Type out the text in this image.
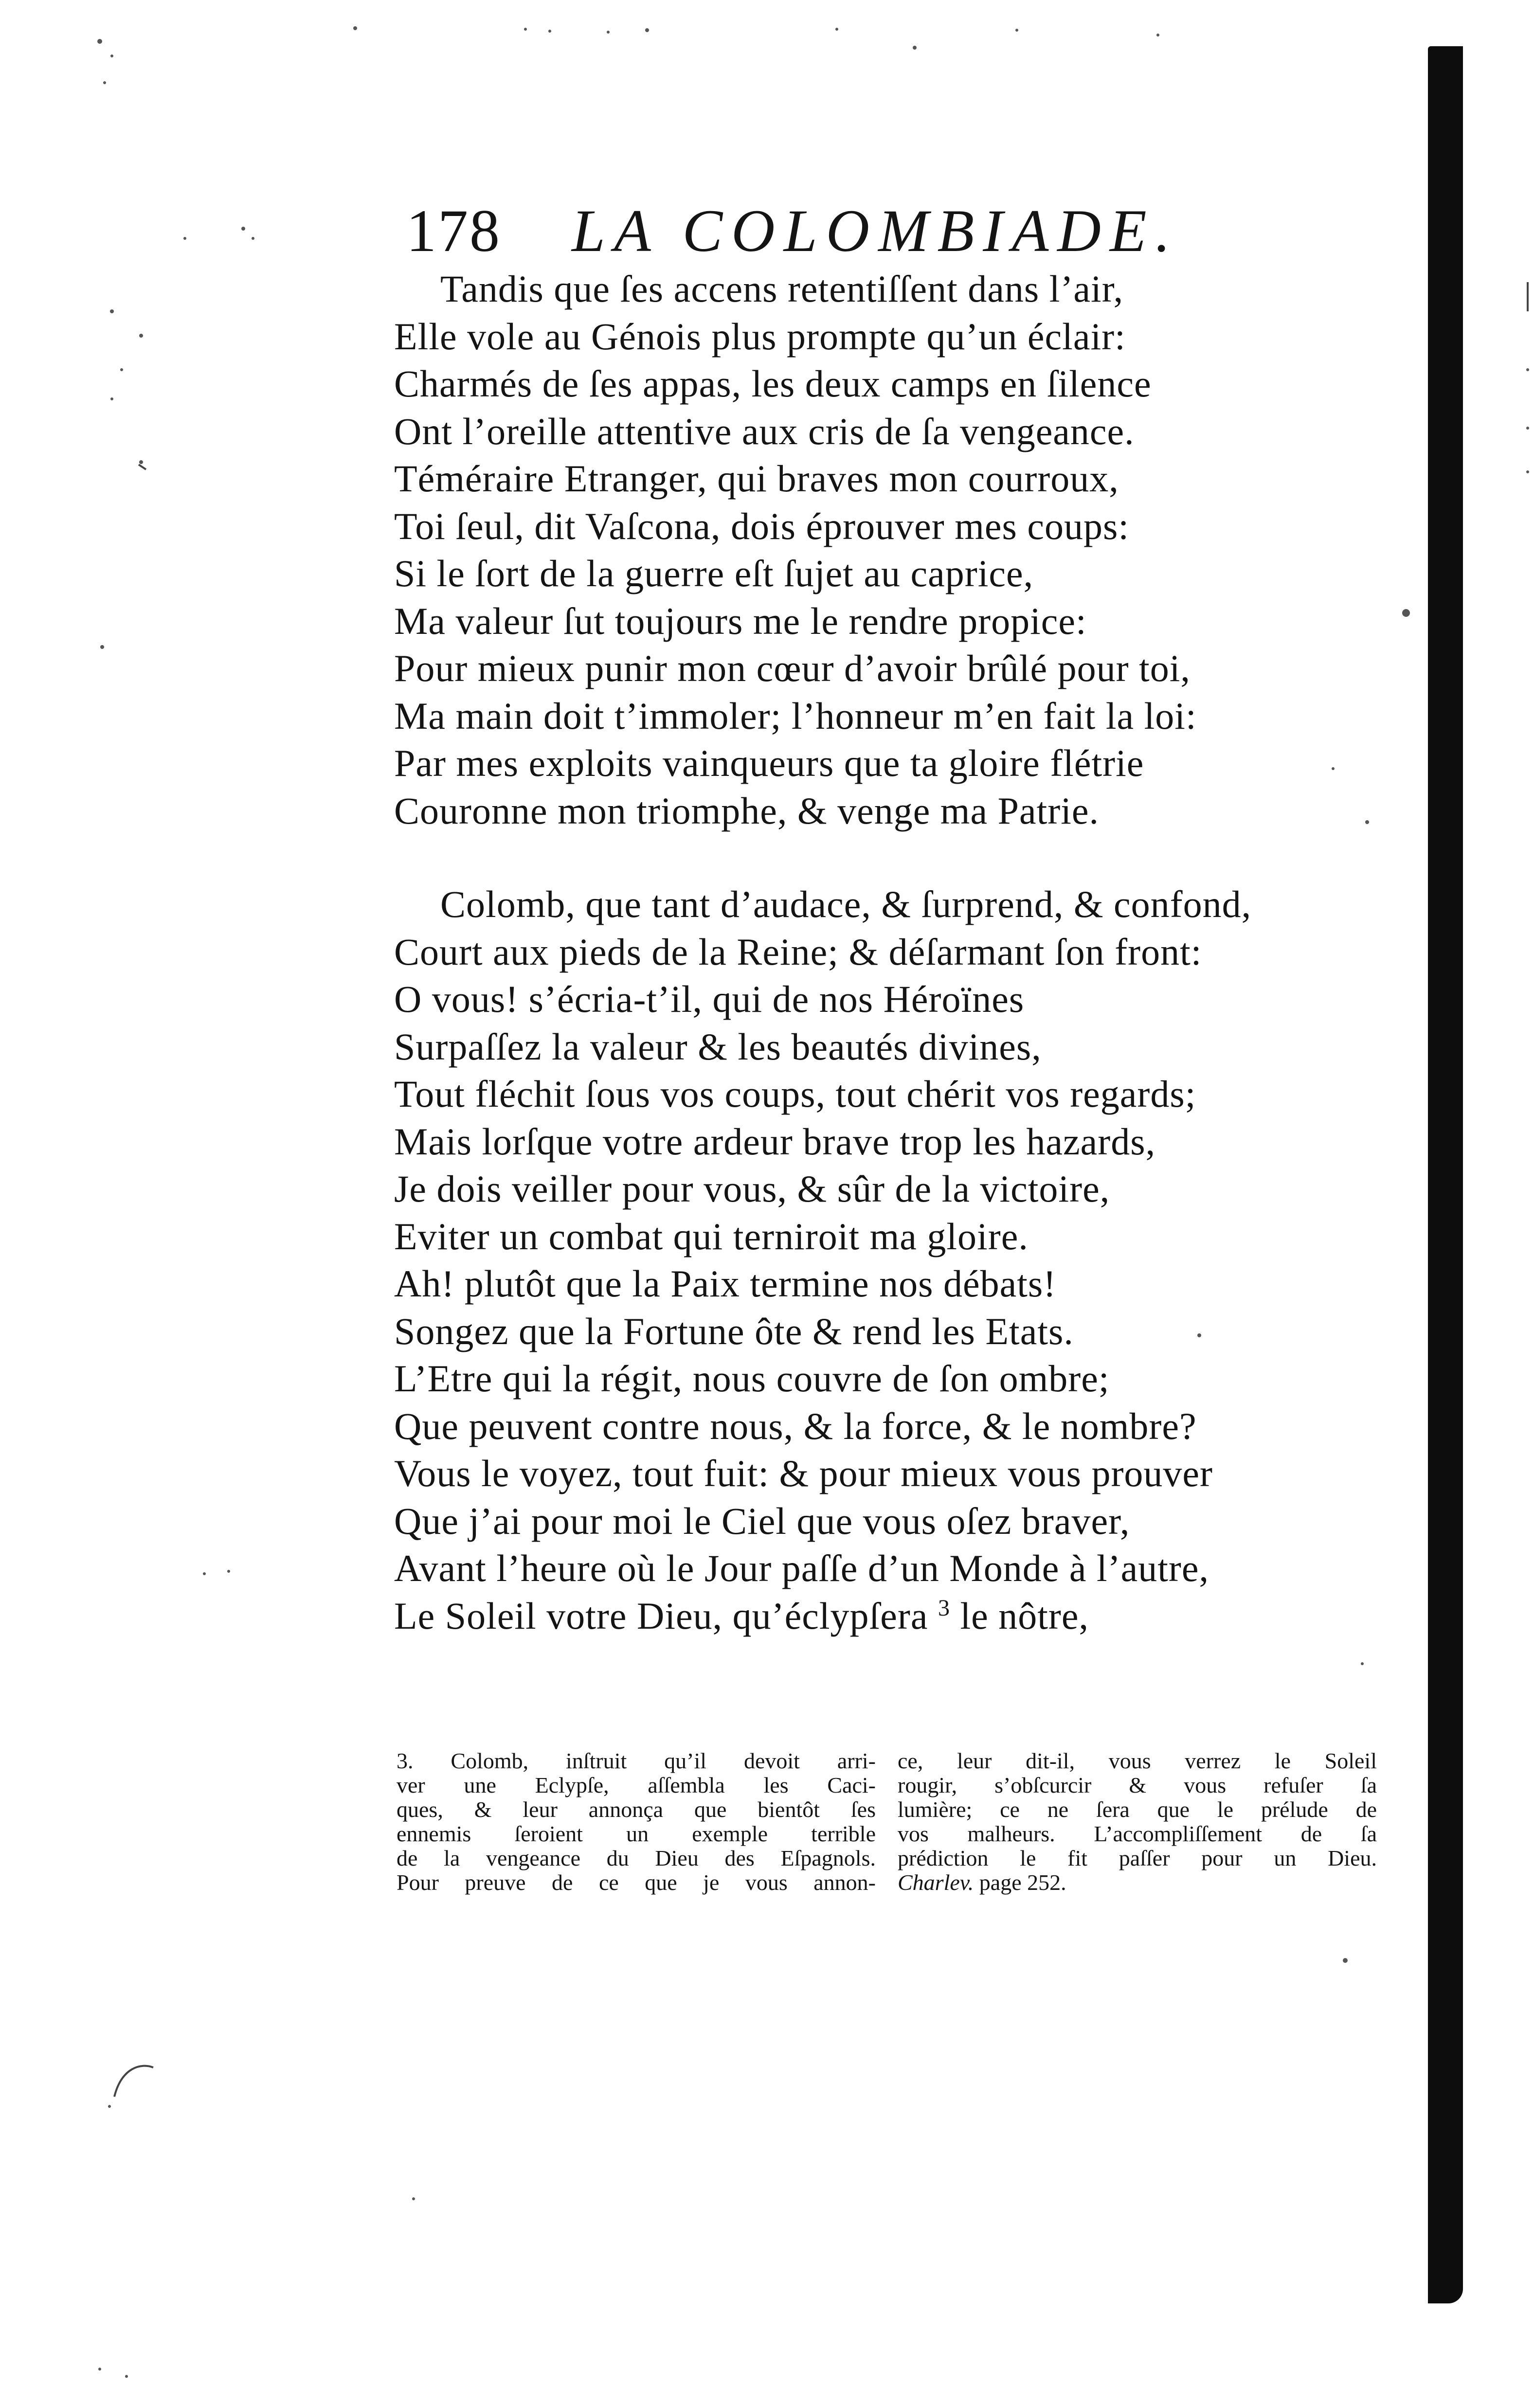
178 LA COLOMBIADE.
Tandis que ſes accens retentiſſent dans l’air,
Elle vole au Génois plus prompte qu’un éclair:
Charmés de ſes appas, les deux camps en ſilence
Ont l’oreille attentive aux cris de ſa vengeance.
Téméraire Etranger, qui braves mon courroux,
Toi ſeul, dit Vaſcona, dois éprouver mes coups:
Si le ſort de la guerre eſt ſujet au caprice,
Ma valeur ſut toujours me le rendre propice:
Pour mieux punir mon cœur d’avoir brûlé pour toi,
Ma main doit t’immoler; l’honneur m’en fait la loi:
Par mes exploits vainqueurs que ta gloire flétrie
Couronne mon triomphe, & venge ma Patrie.
Colomb, que tant d’audace, & ſurprend, & confond,
Court aux pieds de la Reine; & déſarmant ſon front:
O vous! s’écria-t’il, qui de nos Héroïnes
Surpaſſez la valeur & les beautés divines,
Tout fléchit ſous vos coups, tout chérit vos regards;
Mais lorſque votre ardeur brave trop les hazards,
Je dois veiller pour vous, & sûr de la victoire,
Eviter un combat qui terniroit ma gloire.
Ah! plutôt que la Paix termine nos débats!
Songez que la Fortune ôte & rend les Etats.
L’Etre qui la régit, nous couvre de ſon ombre;
Que peuvent contre nous, & la force, & le nombre?
Vous le voyez, tout fuit: & pour mieux vous prouver
Que j’ai pour moi le Ciel que vous oſez braver,
Avant l’heure où le Jour paſſe d’un Monde à l’autre,
Le Soleil votre Dieu, qu’éclypſera $^3$ le nôtre,
3. Colomb, inſtruit qu’il devoit arri-
ver une Eclypſe, aſſembla les Caci-
ques, & leur annonça que bientôt ſes
ennemis ſeroient un exemple terrible
de la vengeance du Dieu des Eſpagnols.
Pour preuve de ce que je vous annon-
ce, leur dit-il, vous verrez le Soleil
rougir, s’obſcurcir & vous refuſer ſa
lumière; ce ne ſera que le prélude de
vos malheurs. L’accompliſſement de ſa
prédiction le fit paſſer pour un Dieu.
Charlev. page 252.
